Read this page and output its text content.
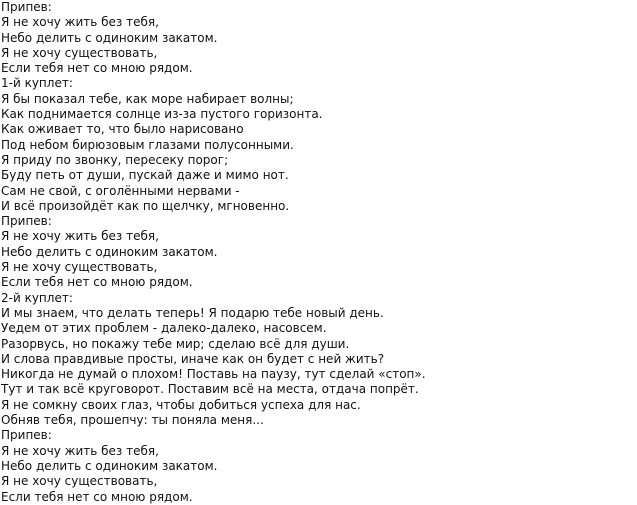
Припев:
Я не хочу жить без тебя,
Небо делить с одиноким закатом.
Я не хочу существовать,
Если тебя нет со мною рядом.
1-й куплет:
Я бы показал тебе, как море набирает волны;
Как поднимается солнце из-за пустого горизонта.
Как оживает то, что было нарисовано
Под небом бирюзовым глазами полусонными.
Я приду по звонку, пересеку порог;
Буду петь от души, пускай даже и мимо нот.
Сам не свой, с оголёнными нервами -
И всё произойдёт как по щелчку, мгновенно.
Припев:
Я не хочу жить без тебя,
Небо делить с одиноким закатом.
Я не хочу существовать,
Если тебя нет со мною рядом.
2-й куплет:
И мы знаем, что делать теперь! Я подарю тебе новый день.
Уедем от этих проблем - далеко-далеко, насовсем.
Разорвусь, но покажу тебе мир; сделаю всё для души.
И слова правдивые просты, иначе как он будет с ней жить?
Никогда не думай о плохом! Поставь на паузу, тут сделай «стоп».
Тут и так всё круговорот. Поставим всё на места, отдача попрёт.
Я не сомкну своих глаз, чтобы добиться успеха для нас.
Обняв тебя, прошепчу: ты поняла меня...
Припев:
Я не хочу жить без тебя,
Небо делить с одиноким закатом.
Я не хочу существовать,
Если тебя нет со мною рядом.
